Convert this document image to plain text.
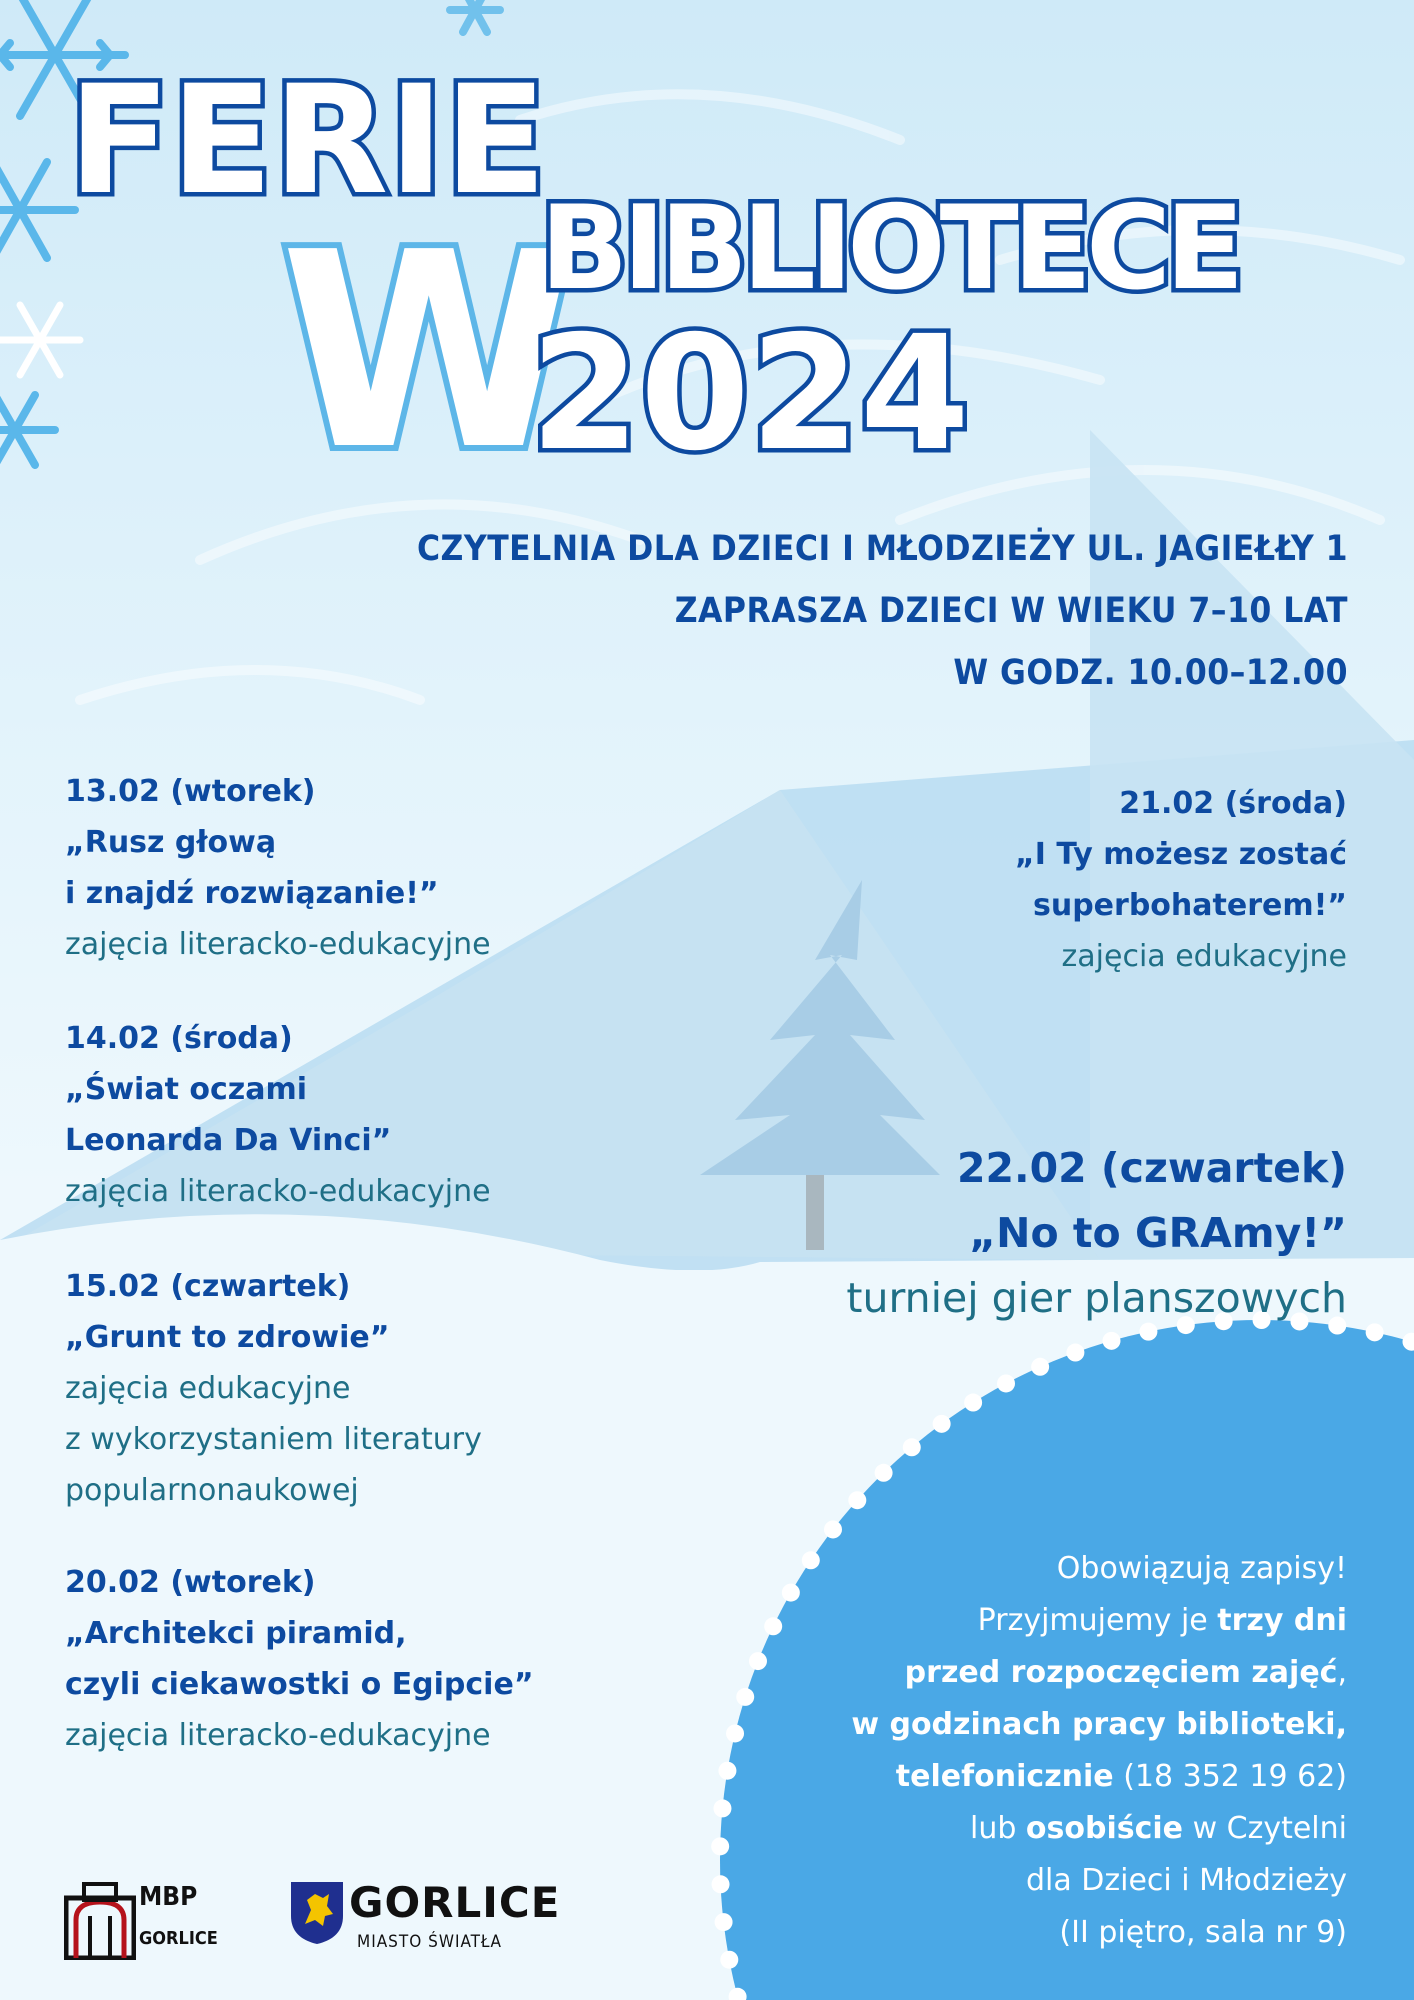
FERIE
W
BIBLIOTECE
2024
CZYTELNIA DLA DZIECI I MŁODZIEŻY UL. JAGIEŁŁY 1
ZAPRASZA DZIECI W WIEKU 7–10 LAT
W GODZ. 10.00–12.00
13.02 (wtorek)
„Rusz głową
i znajdź rozwiązanie!”
zajęcia literacko-edukacyjne
14.02 (środa)
„Świat oczami
Leonarda Da Vinci”
zajęcia literacko-edukacyjne
15.02 (czwartek)
„Grunt to zdrowie”
zajęcia edukacyjne
z wykorzystaniem literatury
popularnonaukowej
20.02 (wtorek)
„Architekci piramid,
czyli ciekawostki o Egipcie”
zajęcia literacko-edukacyjne
21.02 (środa)
„I Ty możesz zostać
superbohaterem!”
zajęcia edukacyjne
22.02 (czwartek)
„No to GRAmy!”
turniej gier planszowych
Obowiązują zapisy!
Przyjmujemy je trzy dni
przed rozpoczęciem zajęć,
w godzinach pracy biblioteki,
telefonicznie (18 352 19 62)
lub osobiście w Czytelni
dla Dzieci i Młodzieży
(II piętro, sala nr 9)
MBP
GORLICE
GORLICE
MIASTO ŚWIATŁA
